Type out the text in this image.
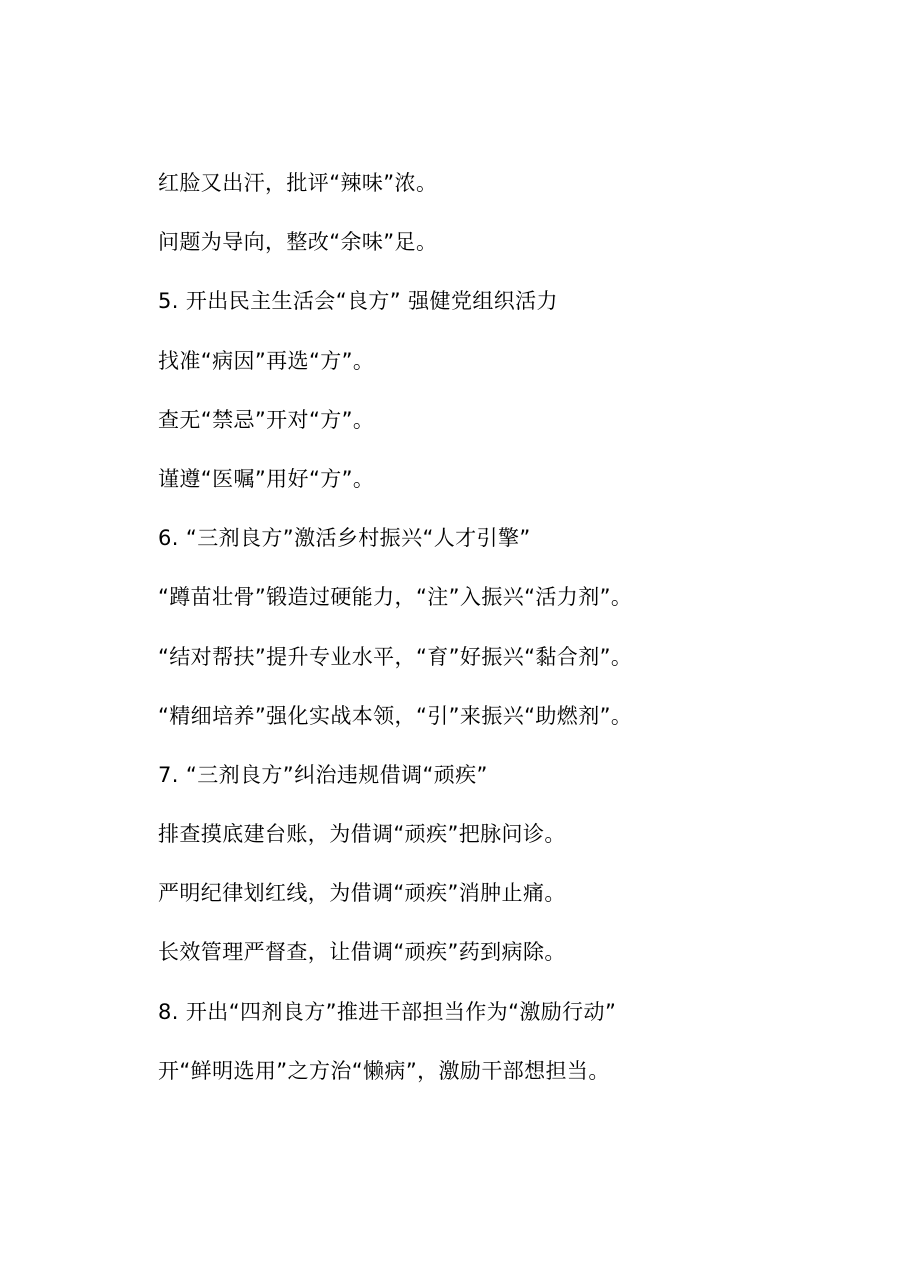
红脸又出汗，批评“辣味”浓。
问题为导向，整改“余味”足。
5. 开出民主生活会“良方” 强健党组织活力
找准“病因”再选“方”。
查无“禁忌”开对“方”。
谨遵“医嘱”用好“方”。
6. “三剂良方”激活乡村振兴“人才引擎”
“蹲苗壮骨”锻造过硬能力，“注”入振兴“活力剂”。
“结对帮扶”提升专业水平，“育”好振兴“黏合剂”。
“精细培养”强化实战本领，“引”来振兴“助燃剂”。
7. “三剂良方”纠治违规借调“顽疾”
排查摸底建台账，为借调“顽疾”把脉问诊。
严明纪律划红线，为借调“顽疾”消肿止痛。
长效管理严督查，让借调“顽疾”药到病除。
8. 开出“四剂良方”推进干部担当作为“激励行动”
开“鲜明选用”之方治“懒病”，激励干部想担当。
